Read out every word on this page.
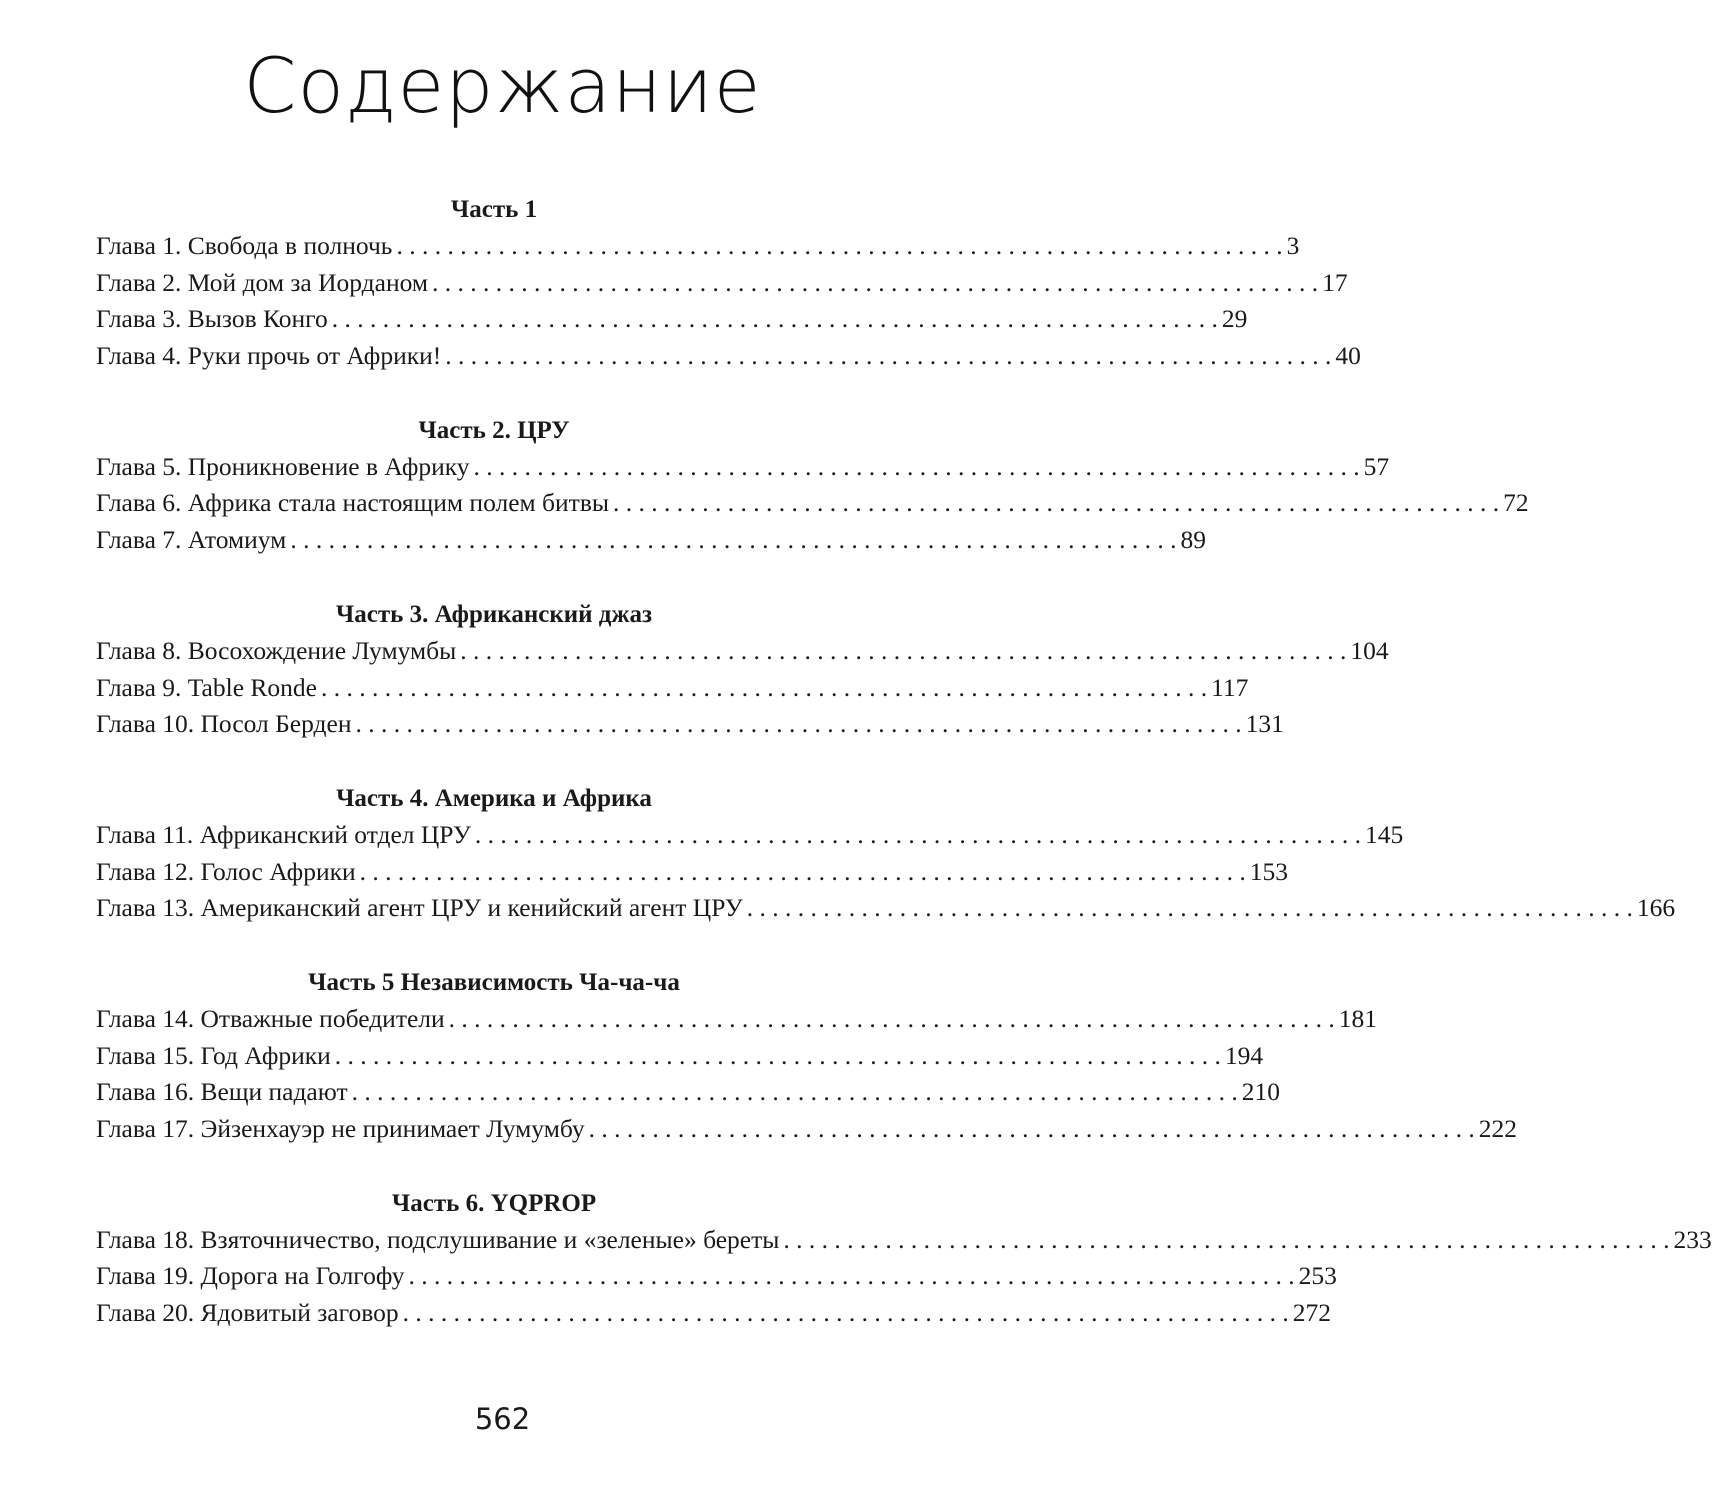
Содержание
Часть 1
Глава 1. Свобода в полночь . . . . . . . . . . . . . . . . . . . . . . . . . . . . . . . . . . . . . . . . . . . . . . . . . . . . . . . . . . . . . . . . . . . . . . 3
Глава 2. Мой дом за Иорданом . . . . . . . . . . . . . . . . . . . . . . . . . . . . . . . . . . . . . . . . . . . . . . . . . . . . . . . . . . . . . . . . . . . . . . 17
Глава 3. Вызов Конго . . . . . . . . . . . . . . . . . . . . . . . . . . . . . . . . . . . . . . . . . . . . . . . . . . . . . . . . . . . . . . . . . . . . . . 29
Глава 4. Руки прочь от Африки! . . . . . . . . . . . . . . . . . . . . . . . . . . . . . . . . . . . . . . . . . . . . . . . . . . . . . . . . . . . . . . . . . . . . . . 40
Часть 2. ЦРУ
Глава 5. Проникновение в Африку . . . . . . . . . . . . . . . . . . . . . . . . . . . . . . . . . . . . . . . . . . . . . . . . . . . . . . . . . . . . . . . . . . . . . . 57
Глава 6. Африка стала настоящим полем битвы . . . . . . . . . . . . . . . . . . . . . . . . . . . . . . . . . . . . . . . . . . . . . . . . . . . . . . . . . . . . . . . . . . . . . . 72
Глава 7. Атомиум . . . . . . . . . . . . . . . . . . . . . . . . . . . . . . . . . . . . . . . . . . . . . . . . . . . . . . . . . . . . . . . . . . . . . . 89
Часть 3. Африканский джаз
Глава 8. Восохождение Лумумбы . . . . . . . . . . . . . . . . . . . . . . . . . . . . . . . . . . . . . . . . . . . . . . . . . . . . . . . . . . . . . . . . . . . . . . 104
Глава 9. Table Ronde . . . . . . . . . . . . . . . . . . . . . . . . . . . . . . . . . . . . . . . . . . . . . . . . . . . . . . . . . . . . . . . . . . . . . . 117
Глава 10. Посол Берден . . . . . . . . . . . . . . . . . . . . . . . . . . . . . . . . . . . . . . . . . . . . . . . . . . . . . . . . . . . . . . . . . . . . . . 131
Часть 4. Америка и Африка
Глава 11. Африканский отдел ЦРУ . . . . . . . . . . . . . . . . . . . . . . . . . . . . . . . . . . . . . . . . . . . . . . . . . . . . . . . . . . . . . . . . . . . . . . 145
Глава 12. Голос Африки . . . . . . . . . . . . . . . . . . . . . . . . . . . . . . . . . . . . . . . . . . . . . . . . . . . . . . . . . . . . . . . . . . . . . . 153
Глава 13. Американский агент ЦРУ и кенийский агент ЦРУ . . . . . . . . . . . . . . . . . . . . . . . . . . . . . . . . . . . . . . . . . . . . . . . . . . . . . . . . . . . . . . . . . . . . . . 166
Часть 5 Независимость Ча-ча-ча
Глава 14. Отважные победители . . . . . . . . . . . . . . . . . . . . . . . . . . . . . . . . . . . . . . . . . . . . . . . . . . . . . . . . . . . . . . . . . . . . . . 181
Глава 15. Год Африки . . . . . . . . . . . . . . . . . . . . . . . . . . . . . . . . . . . . . . . . . . . . . . . . . . . . . . . . . . . . . . . . . . . . . . 194
Глава 16. Вещи падают . . . . . . . . . . . . . . . . . . . . . . . . . . . . . . . . . . . . . . . . . . . . . . . . . . . . . . . . . . . . . . . . . . . . . . 210
Глава 17. Эйзенхауэр не принимает Лумумбу . . . . . . . . . . . . . . . . . . . . . . . . . . . . . . . . . . . . . . . . . . . . . . . . . . . . . . . . . . . . . . . . . . . . . . 222
Часть 6. YQPROP
Глава 18. Взяточничество, подслушивание и «зеленые» береты . . . . . . . . . . . . . . . . . . . . . . . . . . . . . . . . . . . . . . . . . . . . . . . . . . . . . . . . . . . . . . . . . . . . . . 233
Глава 19. Дорога на Голгофу . . . . . . . . . . . . . . . . . . . . . . . . . . . . . . . . . . . . . . . . . . . . . . . . . . . . . . . . . . . . . . . . . . . . . . 253
Глава 20. Ядовитый заговор . . . . . . . . . . . . . . . . . . . . . . . . . . . . . . . . . . . . . . . . . . . . . . . . . . . . . . . . . . . . . . . . . . . . . . 272
562
